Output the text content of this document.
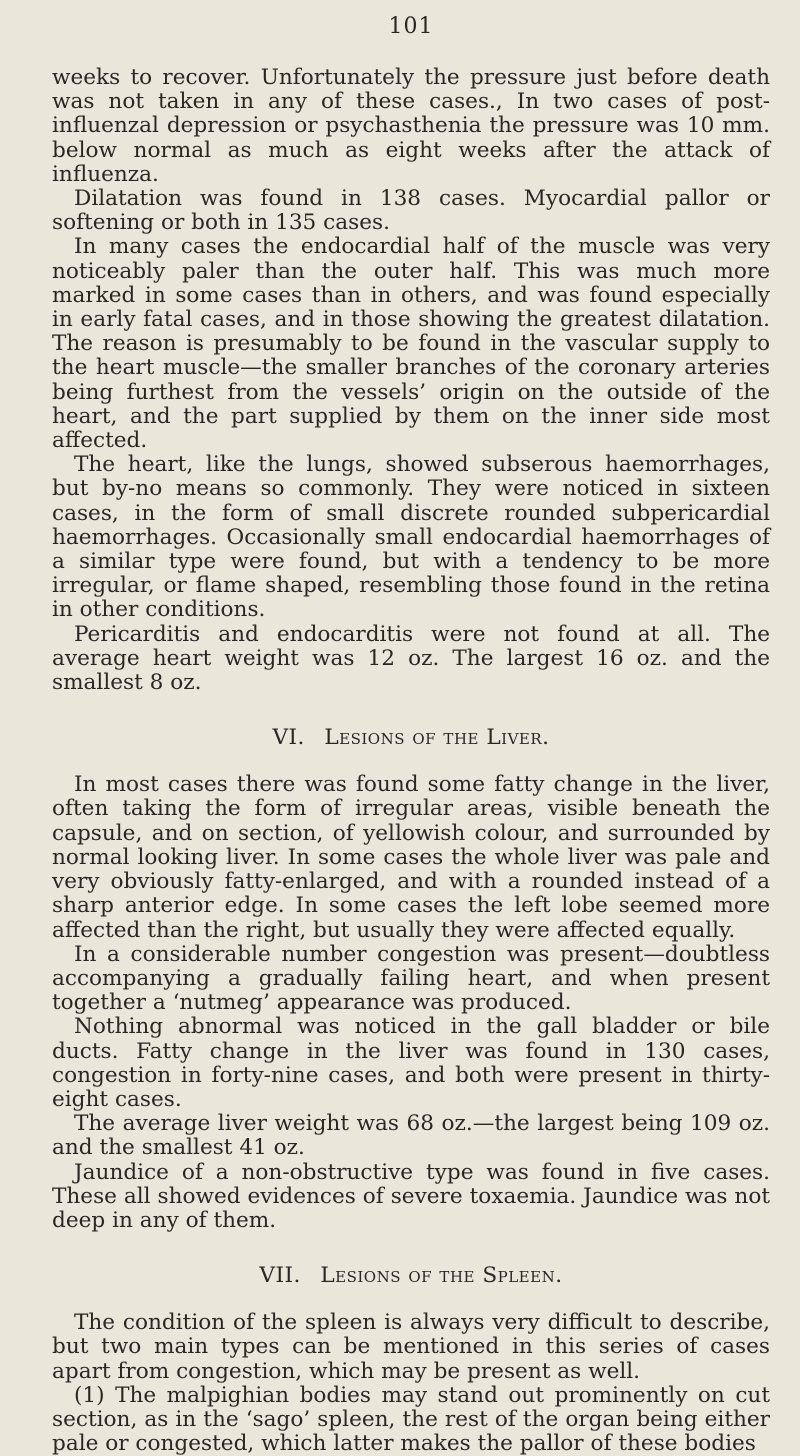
101

weeks to recover. Unfortunately the pressure just before death was not taken in any of these cases., In two cases of post-influenzal depression or psychasthenia the pressure was 10 mm. below normal as much as eight weeks after the attack of influenza.

Dilatation was found in 138 cases. Myocardial pallor or softening or both in 135 cases.

In many cases the endocardial half of the muscle was very noticeably paler than the outer half. This was much more marked in some cases than in others, and was found especially in early fatal cases, and in those showing the greatest dilatation. The reason is presumably to be found in the vascular supply to the heart muscle—the smaller branches of the coronary arteries being furthest from the vessels’ origin on the outside of the heart, and the part supplied by them on the inner side most affected.

The heart, like the lungs, showed subserous haemorrhages, but by-no means so commonly. They were noticed in sixteen cases, in the form of small discrete rounded subpericardial haemorrhages. Occasionally small endocardial haemorrhages of a similar type were found, but with a tendency to be more irregular, or flame shaped, resembling those found in the retina in other conditions.

Pericarditis and endocarditis were not found at all. The average heart weight was 12 oz. The largest 16 oz. and the smallest 8 oz.

VI. Lesions of the Liver.

In most cases there was found some fatty change in the liver, often taking the form of irregular areas, visible beneath the capsule, and on section, of yellowish colour, and surrounded by normal looking liver. In some cases the whole liver was pale and very obviously fatty-enlarged, and with a rounded instead of a sharp anterior edge. In some cases the left lobe seemed more affected than the right, but usually they were affected equally.

In a considerable number congestion was present—doubtless accompanying a gradually failing heart, and when present together a ‘nutmeg’ appearance was produced.

Nothing abnormal was noticed in the gall bladder or bile ducts. Fatty change in the liver was found in 130 cases, congestion in forty-nine cases, and both were present in thirty-eight cases.

The average liver weight was 68 oz.—the largest being 109 oz. and the smallest 41 oz.

Jaundice of a non-obstructive type was found in five cases. These all showed evidences of severe toxaemia. Jaundice was not deep in any of them.

VII. Lesions of the Spleen.

The condition of the spleen is always very difficult to describe, but two main types can be mentioned in this series of cases apart from congestion, which may be present as well.

(1) The malpighian bodies may stand out prominently on cut section, as in the ‘sago’ spleen, the rest of the organ being either pale or congested, which latter makes the pallor of these bodies
